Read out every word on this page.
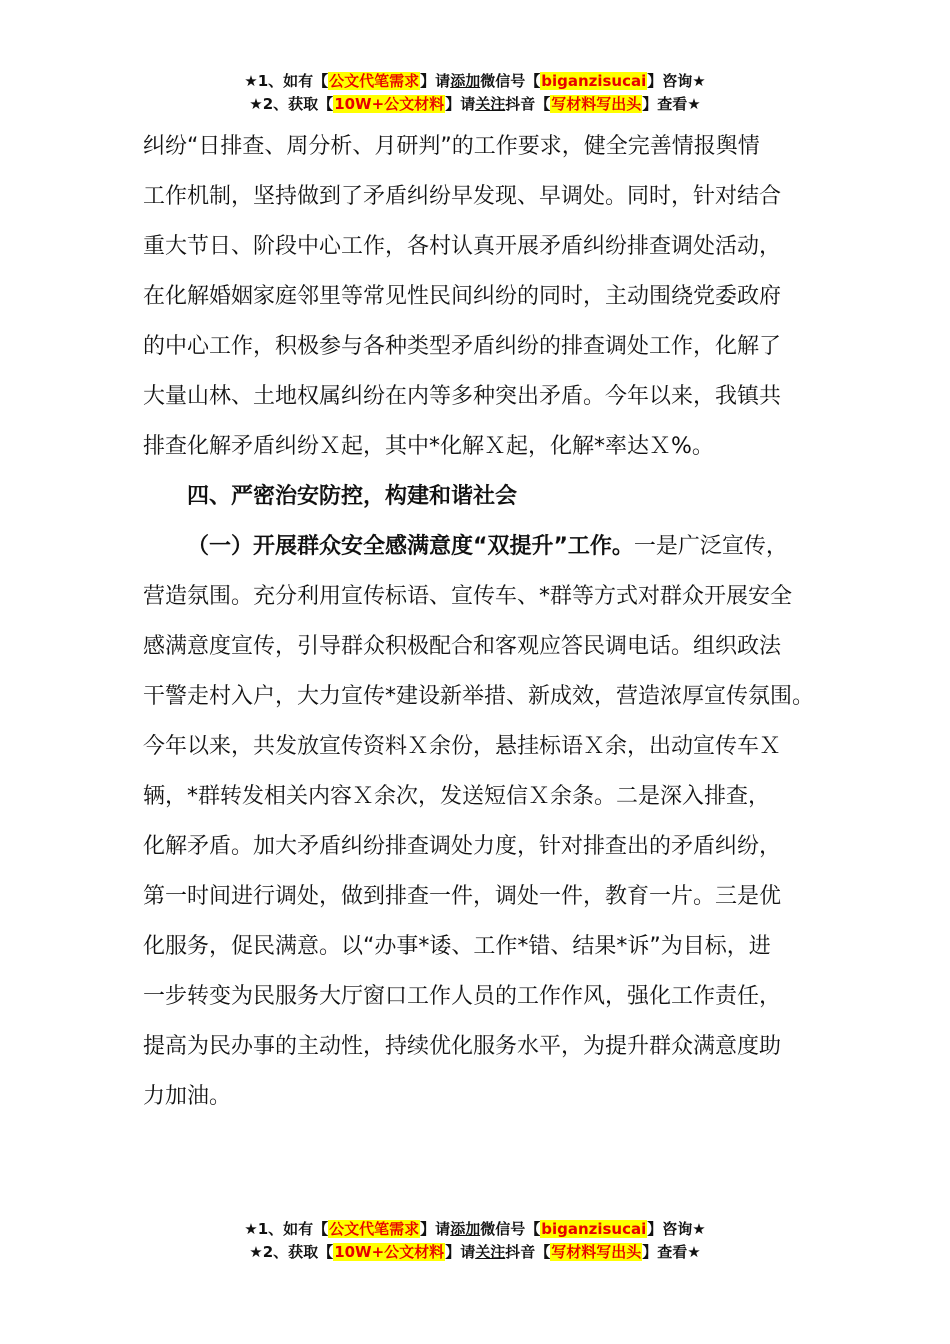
★1、如有【公文代笔需求】请添加微信号【biganzisucai】咨询★
★2、获取【10W+公文材料】请关注抖音【写材料写出头】查看★
纠纷“日排查、周分析、月研判”的工作要求，健全完善情报舆情
工作机制，坚持做到了矛盾纠纷早发现、早调处。同时，针对结合
重大节日、阶段中心工作，各村认真开展矛盾纠纷排查调处活动，
在化解婚姻家庭邻里等常见性民间纠纷的同时，主动围绕党委政府
的中心工作，积极参与各种类型矛盾纠纷的排查调处工作，化解了
大量山林、土地权属纠纷在内等多种突出矛盾。今年以来，我镇共
排查化解矛盾纠纷Ｘ起，其中*化解Ｘ起，化解*率达Ｘ%。
四、严密治安防控，构建和谐社会
（一）开展群众安全感满意度“双提升”工作。一是广泛宣传，
营造氛围。充分利用宣传标语、宣传车、*群等方式对群众开展安全
感满意度宣传，引导群众积极配合和客观应答民调电话。组织政法
干警走村入户，大力宣传*建设新举措、新成效，营造浓厚宣传氛围。
今年以来，共发放宣传资料Ｘ余份，悬挂标语Ｘ余，出动宣传车Ｘ
辆，*群转发相关内容Ｘ余次，发送短信Ｘ余条。二是深入排查，
化解矛盾。加大矛盾纠纷排查调处力度，针对排查出的矛盾纠纷，
第一时间进行调处，做到排查一件，调处一件，教育一片。三是优
化服务，促民满意。以“办事*诿、工作*错、结果*诉”为目标，进
一步转变为民服务大厅窗口工作人员的工作作风，强化工作责任，
提高为民办事的主动性，持续优化服务水平，为提升群众满意度助
力加油。
★1、如有【公文代笔需求】请添加微信号【biganzisucai】咨询★
★2、获取【10W+公文材料】请关注抖音【写材料写出头】查看★
